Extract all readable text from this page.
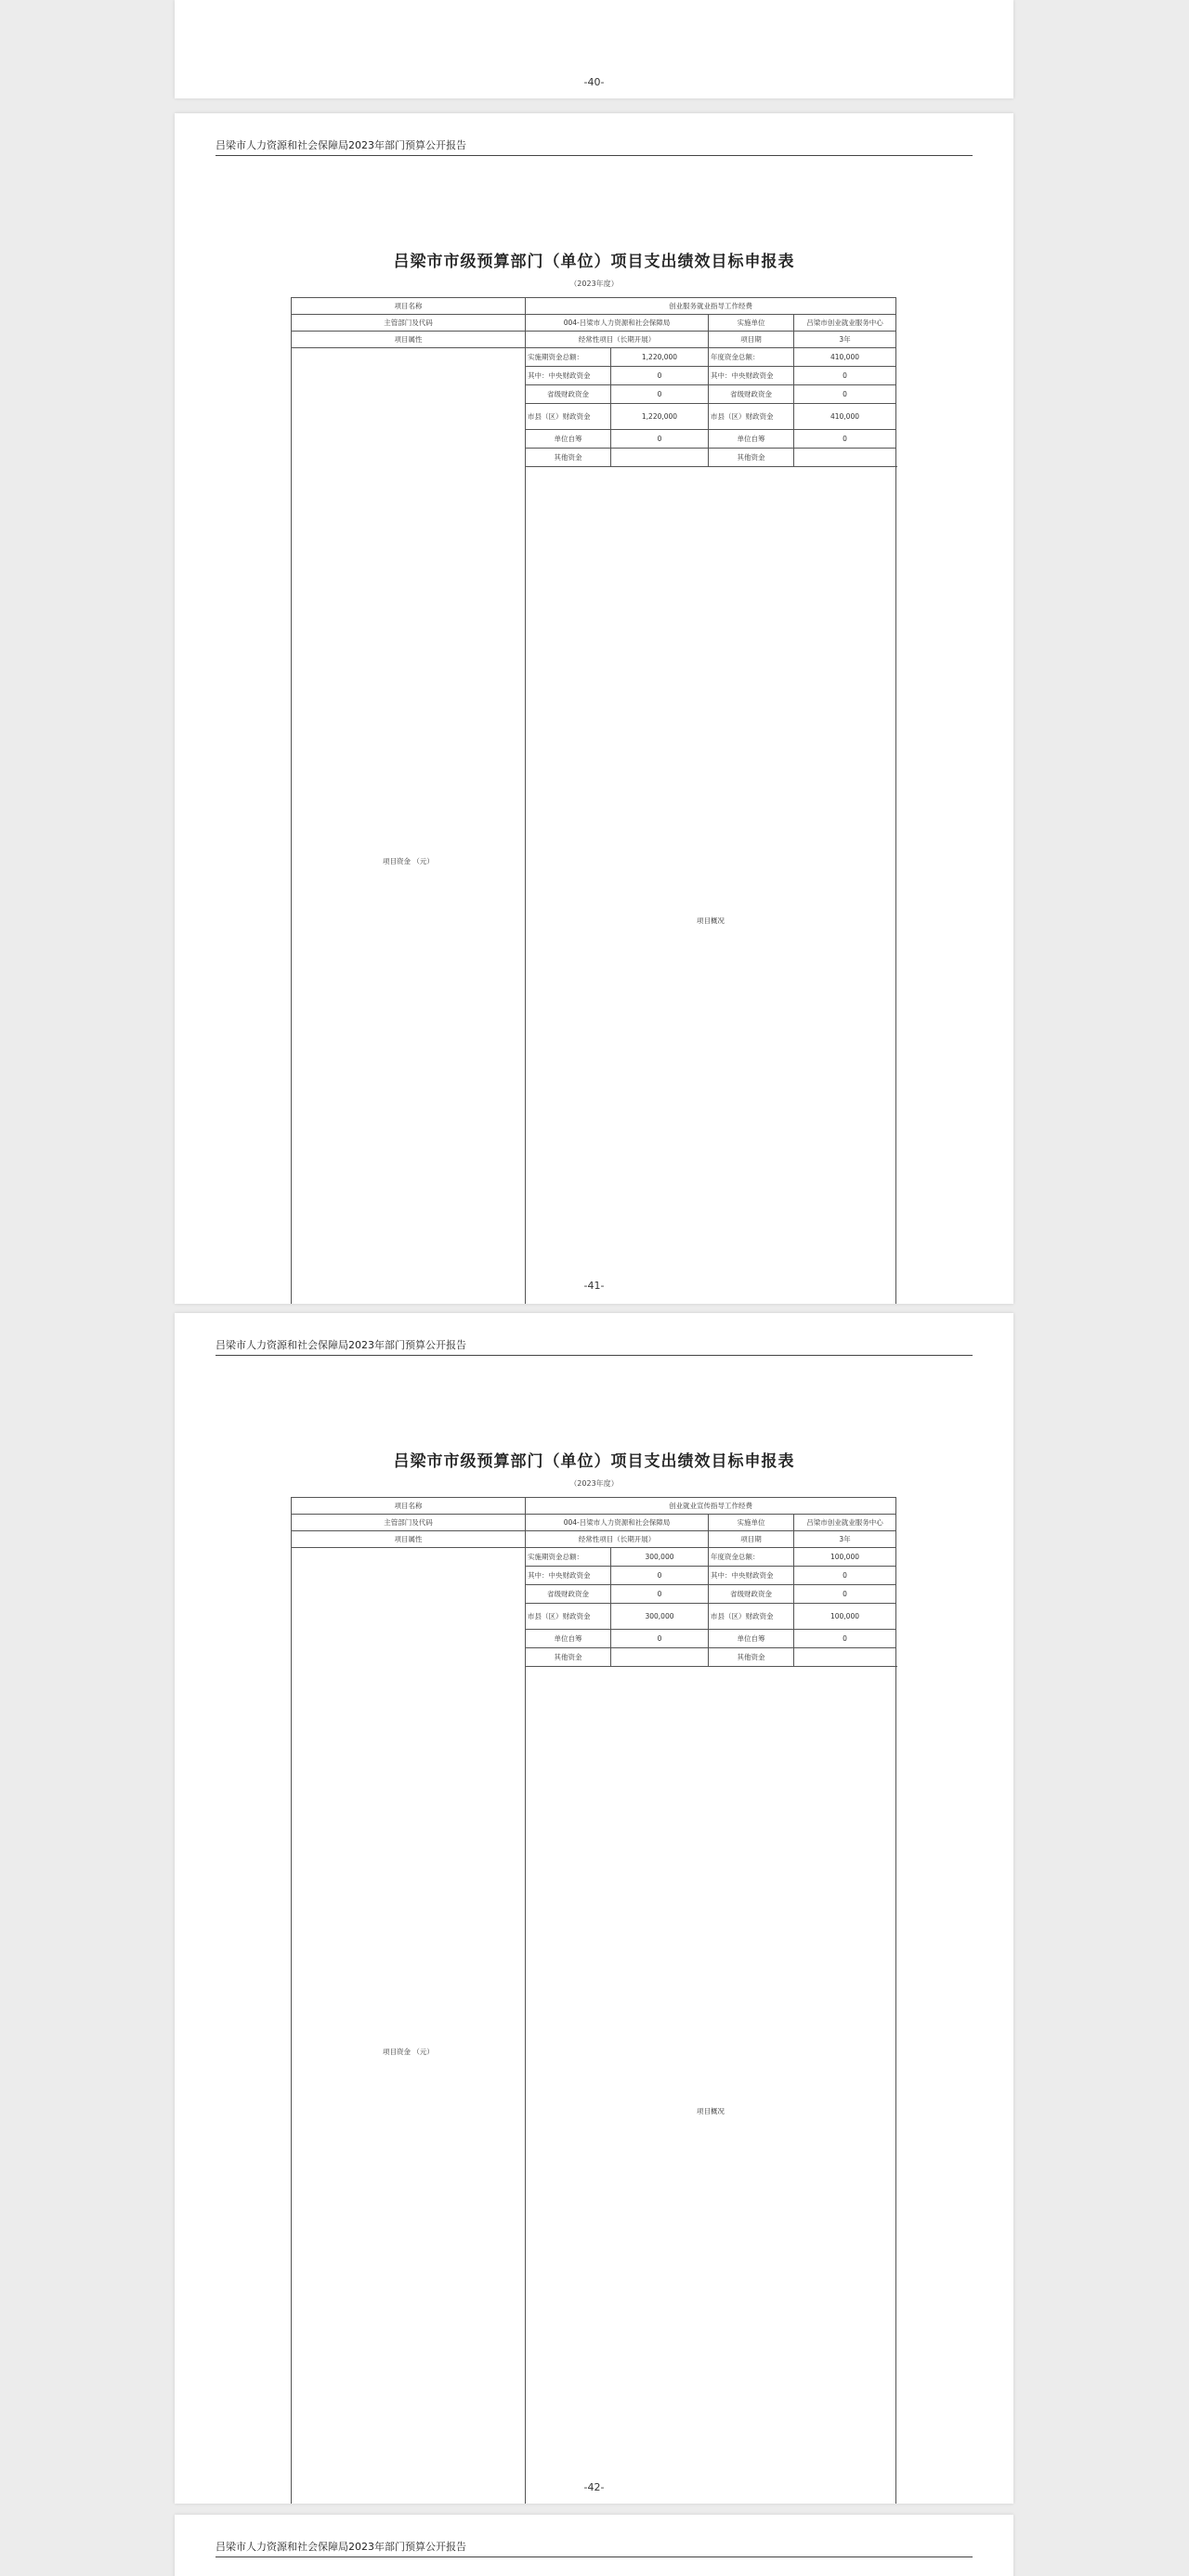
-40-
吕梁市人力资源和社会保障局2023年部门预算公开报告
吕梁市市级预算部门（单位）项目支出绩效目标申报表
（2023年度）
项目名称				创业服务就业指导工作经费				
主管部门及代码				004-吕梁市人力资源和社会保障局		实施单位	吕梁市创业就业服务中心	
项目属性				经常性项目（长期开展）		项目期	3年	
项目资金 （元）				实施期资金总额：	1,220,000	年度资金总额：	410,000	
				其中：中央财政资金	0	其中：中央财政资金	0	
				省级财政资金	0	省级财政资金	0	
				市县（区）财政资金	1,220,000	市县（区）财政资金	410,000	
				单位自筹	0	单位自筹	0	
				其他资金		其他资金		
				项目概况	

-41-
吕梁市人力资源和社会保障局2023年部门预算公开报告
吕梁市市级预算部门（单位）项目支出绩效目标申报表
（2023年度）
项目名称				创业就业宣传指导工作经费				
主管部门及代码				004-吕梁市人力资源和社会保障局		实施单位	吕梁市创业就业服务中心	
项目属性				经常性项目（长期开展）		项目期	3年	
项目资金 （元）				实施期资金总额：	300,000	年度资金总额：	100,000	
				其中：中央财政资金	0	其中：中央财政资金	0	
				省级财政资金	0	省级财政资金	0	
				市县（区）财政资金	300,000	市县（区）财政资金	100,000	
				单位自筹	0	单位自筹	0	
				其他资金		其他资金		
				项目概况	

-42-
吕梁市人力资源和社会保障局2023年部门预算公开报告
